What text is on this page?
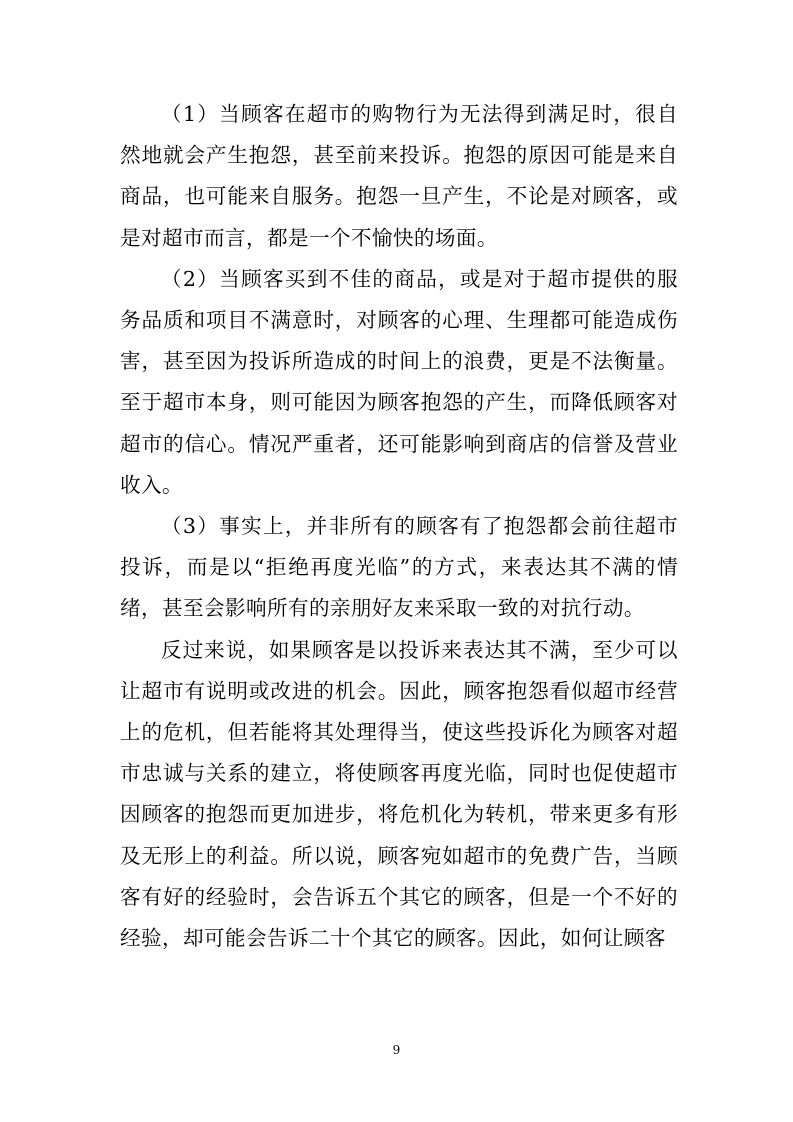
（1）当顾客在超市的购物行为无法得到满足时，很自然地就会产生抱怨，甚至前来投诉。抱怨的原因可能是来自商品，也可能来自服务。抱怨一旦产生，不论是对顾客，或是对超市而言，都是一个不愉快的场面。

（2）当顾客买到不佳的商品，或是对于超市提供的服务品质和项目不满意时，对顾客的心理、生理都可能造成伤害，甚至因为投诉所造成的时间上的浪费，更是不法衡量。至于超市本身，则可能因为顾客抱怨的产生，而降低顾客对超市的信心。情况严重者，还可能影响到商店的信誉及营业收入。

（3）事实上，并非所有的顾客有了抱怨都会前往超市投诉，而是以“拒绝再度光临”的方式，来表达其不满的情绪，甚至会影响所有的亲朋好友来采取一致的对抗行动。

反过来说，如果顾客是以投诉来表达其不满，至少可以让超市有说明或改进的机会。因此，顾客抱怨看似超市经营上的危机，但若能将其处理得当，使这些投诉化为顾客对超市忠诚与关系的建立，将使顾客再度光临，同时也促使超市因顾客的抱怨而更加进步，将危机化为转机，带来更多有形及无形上的利益。所以说，顾客宛如超市的免费广告，当顾客有好的经验时，会告诉五个其它的顾客，但是一个不好的经验，却可能会告诉二十个其它的顾客。因此，如何让顾客

9
